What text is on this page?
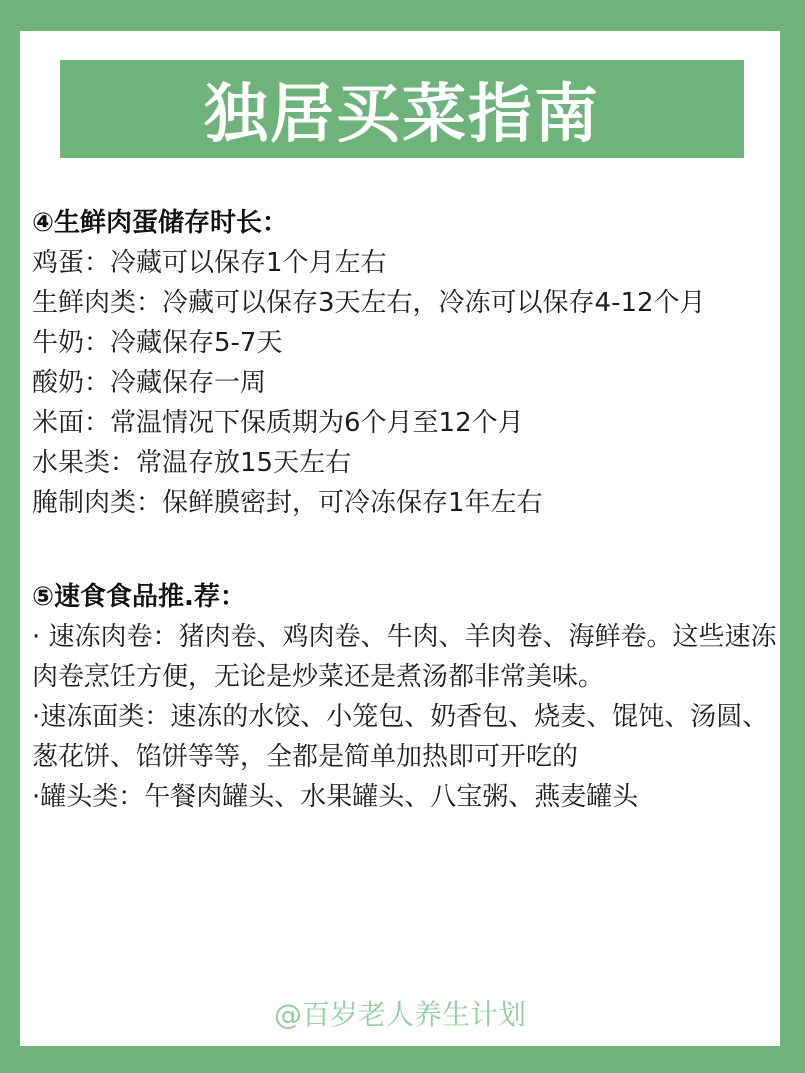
独居买菜指南
④生鲜肉蛋储存时长：
鸡蛋：冷藏可以保存1个月左右
生鲜肉类：冷藏可以保存3天左右，冷冻可以保存4-12个月
牛奶：冷藏保存5-7天
酸奶：冷藏保存一周
米面：常温情况下保质期为6个月至12个月
水果类：常温存放15天左右
腌制肉类：保鲜膜密封，可冷冻保存1年左右
⑤速食食品推.荐：
· 速冻肉卷：猪肉卷、鸡肉卷、牛肉、羊肉卷、海鲜卷。这些速冻肉卷烹饪方便，无论是炒菜还是煮汤都非常美味。
·速冻面类：速冻的水饺、小笼包、奶香包、烧麦、馄饨、汤圆、葱花饼、馅饼等等，全都是简单加热即可开吃的
·罐头类：午餐肉罐头、水果罐头、八宝粥、燕麦罐头
@百岁老人养生计划
